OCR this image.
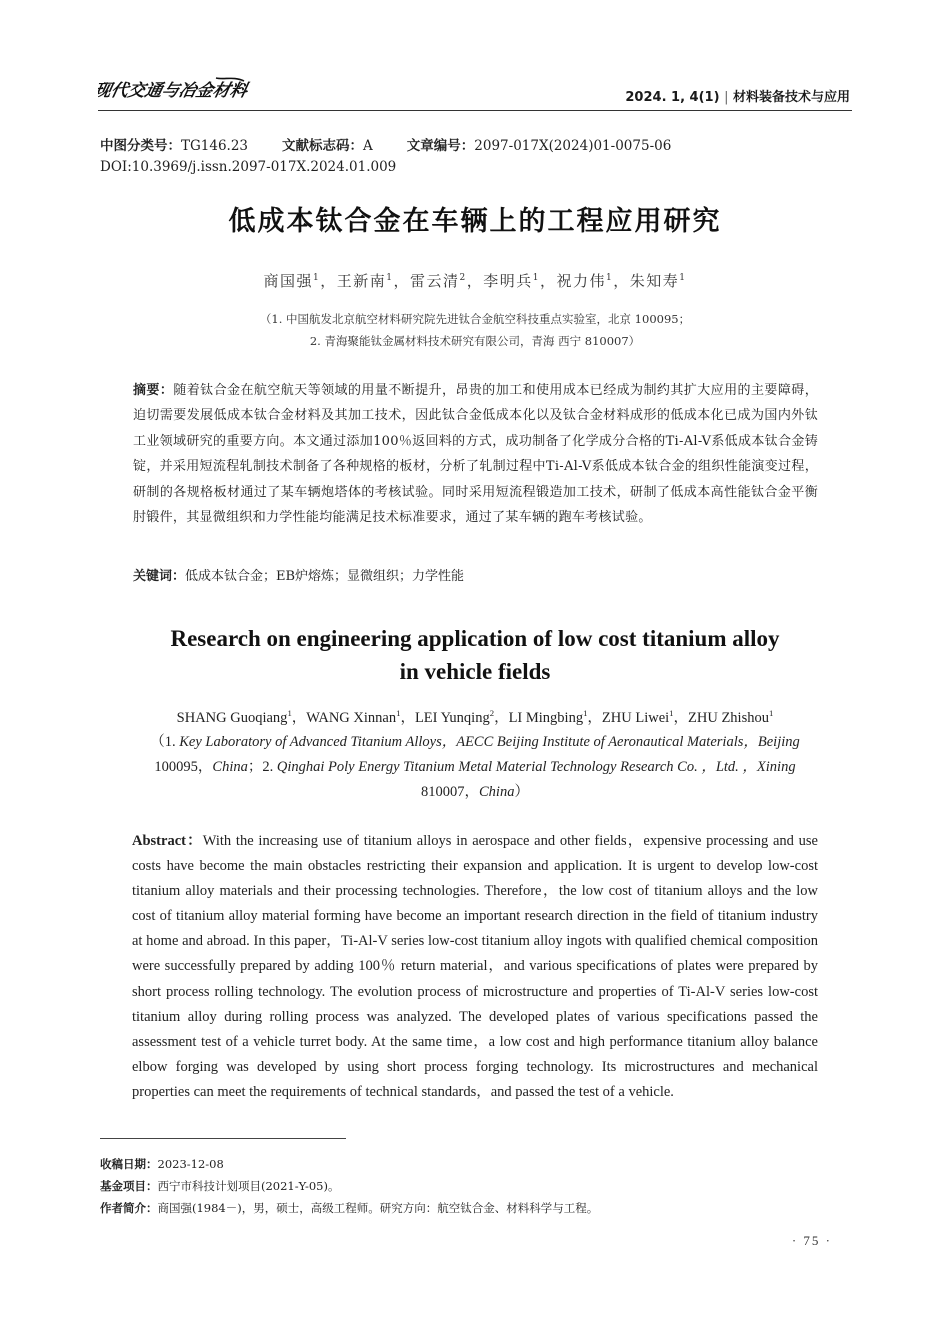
现代交通与冶金材料	2024. 1, 4(1) | 材料装备技术与应用
中图分类号：TG146.23	文献标志码：A	文章编号：2097-017X(2024)01-0075-06
DOI:10.3969/j.issn.2097-017X.2024.01.009
低成本钛合金在车辆上的工程应用研究
商国强$^1$，王新南$^1$，雷云清$^2$，李明兵$^1$，祝力伟$^1$，朱知寿$^1$
（1. 中国航发北京航空材料研究院先进钛合金航空科技重点实验室，北京 100095；
2. 青海聚能钛金属材料技术研究有限公司，青海 西宁 810007）
摘要：随着钛合金在航空航天等领域的用量不断提升，昂贵的加工和使用成本已经成为制约其扩大应用的主要障碍，迫切需要发展低成本钛合金材料及其加工技术，因此钛合金低成本化以及钛合金材料成形的低成本化已成为国内外钛工业领域研究的重要方向。本文通过添加100％返回料的方式，成功制备了化学成分合格的Ti-Al-V系低成本钛合金铸锭，并采用短流程轧制技术制备了各种规格的板材，分析了轧制过程中Ti-Al-V系低成本钛合金的组织性能演变过程，研制的各规格板材通过了某车辆炮塔体的考核试验。同时采用短流程锻造加工技术，研制了低成本高性能钛合金平衡肘锻件，其显微组织和力学性能均能满足技术标准要求，通过了某车辆的跑车考核试验。
关键词：低成本钛合金；EB炉熔炼；显微组织；力学性能
Research on engineering application of low cost titanium alloy
in vehicle fields
SHANG Guoqiang$^1$，WANG Xinnan$^1$，LEI Yunqing$^2$，LI Mingbing$^1$，ZHU Liwei$^1$，ZHU Zhishou$^1$
（1. Key Laboratory of Advanced Titanium Alloys，AECC Beijing Institute of Aeronautical Materials，Beijing 100095，China；2. Qinghai Poly Energy Titanium Metal Material Technology Research Co. ，Ltd. ，Xining 810007，China）
Abstract：With the increasing use of titanium alloys in aerospace and other fields，expensive processing and use costs have become the main obstacles restricting their expansion and application. It is urgent to develop low-cost titanium alloy materials and their processing technologies. Therefore，the low cost of titanium alloys and the low cost of titanium alloy material forming have become an important research direction in the field of titanium industry at home and abroad. In this paper，Ti-Al-V series low-cost titanium alloy ingots with qualified chemical composition were successfully prepared by adding 100％ return material，and various specifications of plates were prepared by short process rolling technology. The evolution process of microstructure and properties of Ti-Al-V series low-cost titanium alloy during rolling process was analyzed. The developed plates of various specifications passed the assessment test of a vehicle turret body. At the same time，a low cost and high performance titanium alloy balance elbow forging was developed by using short process forging technology. Its microstructures and mechanical properties can meet the requirements of technical standards，and passed the test of a vehicle.
收稿日期：2023-12-08
基金项目：西宁市科技计划项目(2021-Y-05)。
作者简介：商国强(1984－)，男，硕士，高级工程师。研究方向：航空钛合金、材料科学与工程。
· 75 ·
